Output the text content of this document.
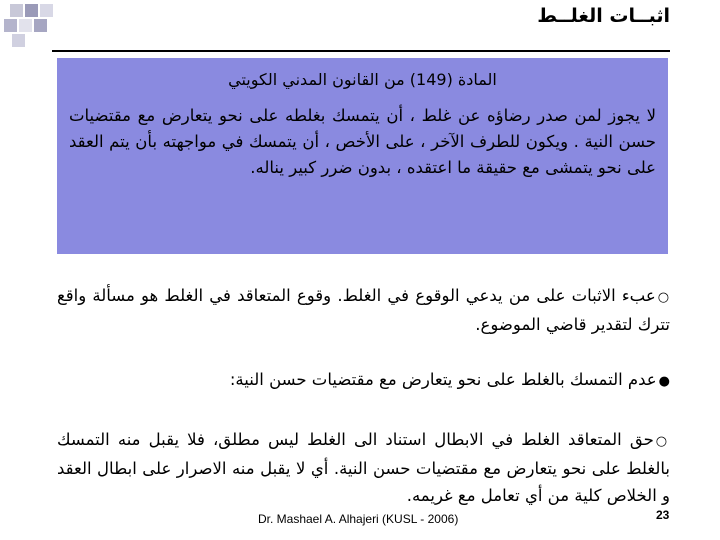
اثبــات الغلــط
المادة (149) من القانون المدني الكويتي
لا يجوز لمن صدر رضاؤه عن غلط ، أن يتمسك بغلطه على نحو يتعارض مع مقتضيات حسن النية . ويكون للطرف الآخر ، على الأخص ، أن يتمسك في مواجهته بأن يتم العقد على نحو يتمشى مع حقيقة ما اعتقده ، بدون ضرر كبير يناله.

○عبء الاثبات على من يدعي الوقوع في الغلط. وقوع المتعاقد في الغلط هو مسألة واقع تترك لتقدير قاضي الموضوع.

●عدم التمسك بالغلط على نحو يتعارض مع مقتضيات حسن النية:

○حق المتعاقد الغلط في الابطال استناد الى الغلط ليس مطلق، فلا يقبل منه التمسك بالغلط على نحو يتعارض مع مقتضيات حسن النية. أي لا يقبل منه الاصرار على ابطال العقد و الخلاص كلية من أي تعامل مع غريمه.

Dr. Mashael A. Alhajeri (KUSL - 2006)	23
